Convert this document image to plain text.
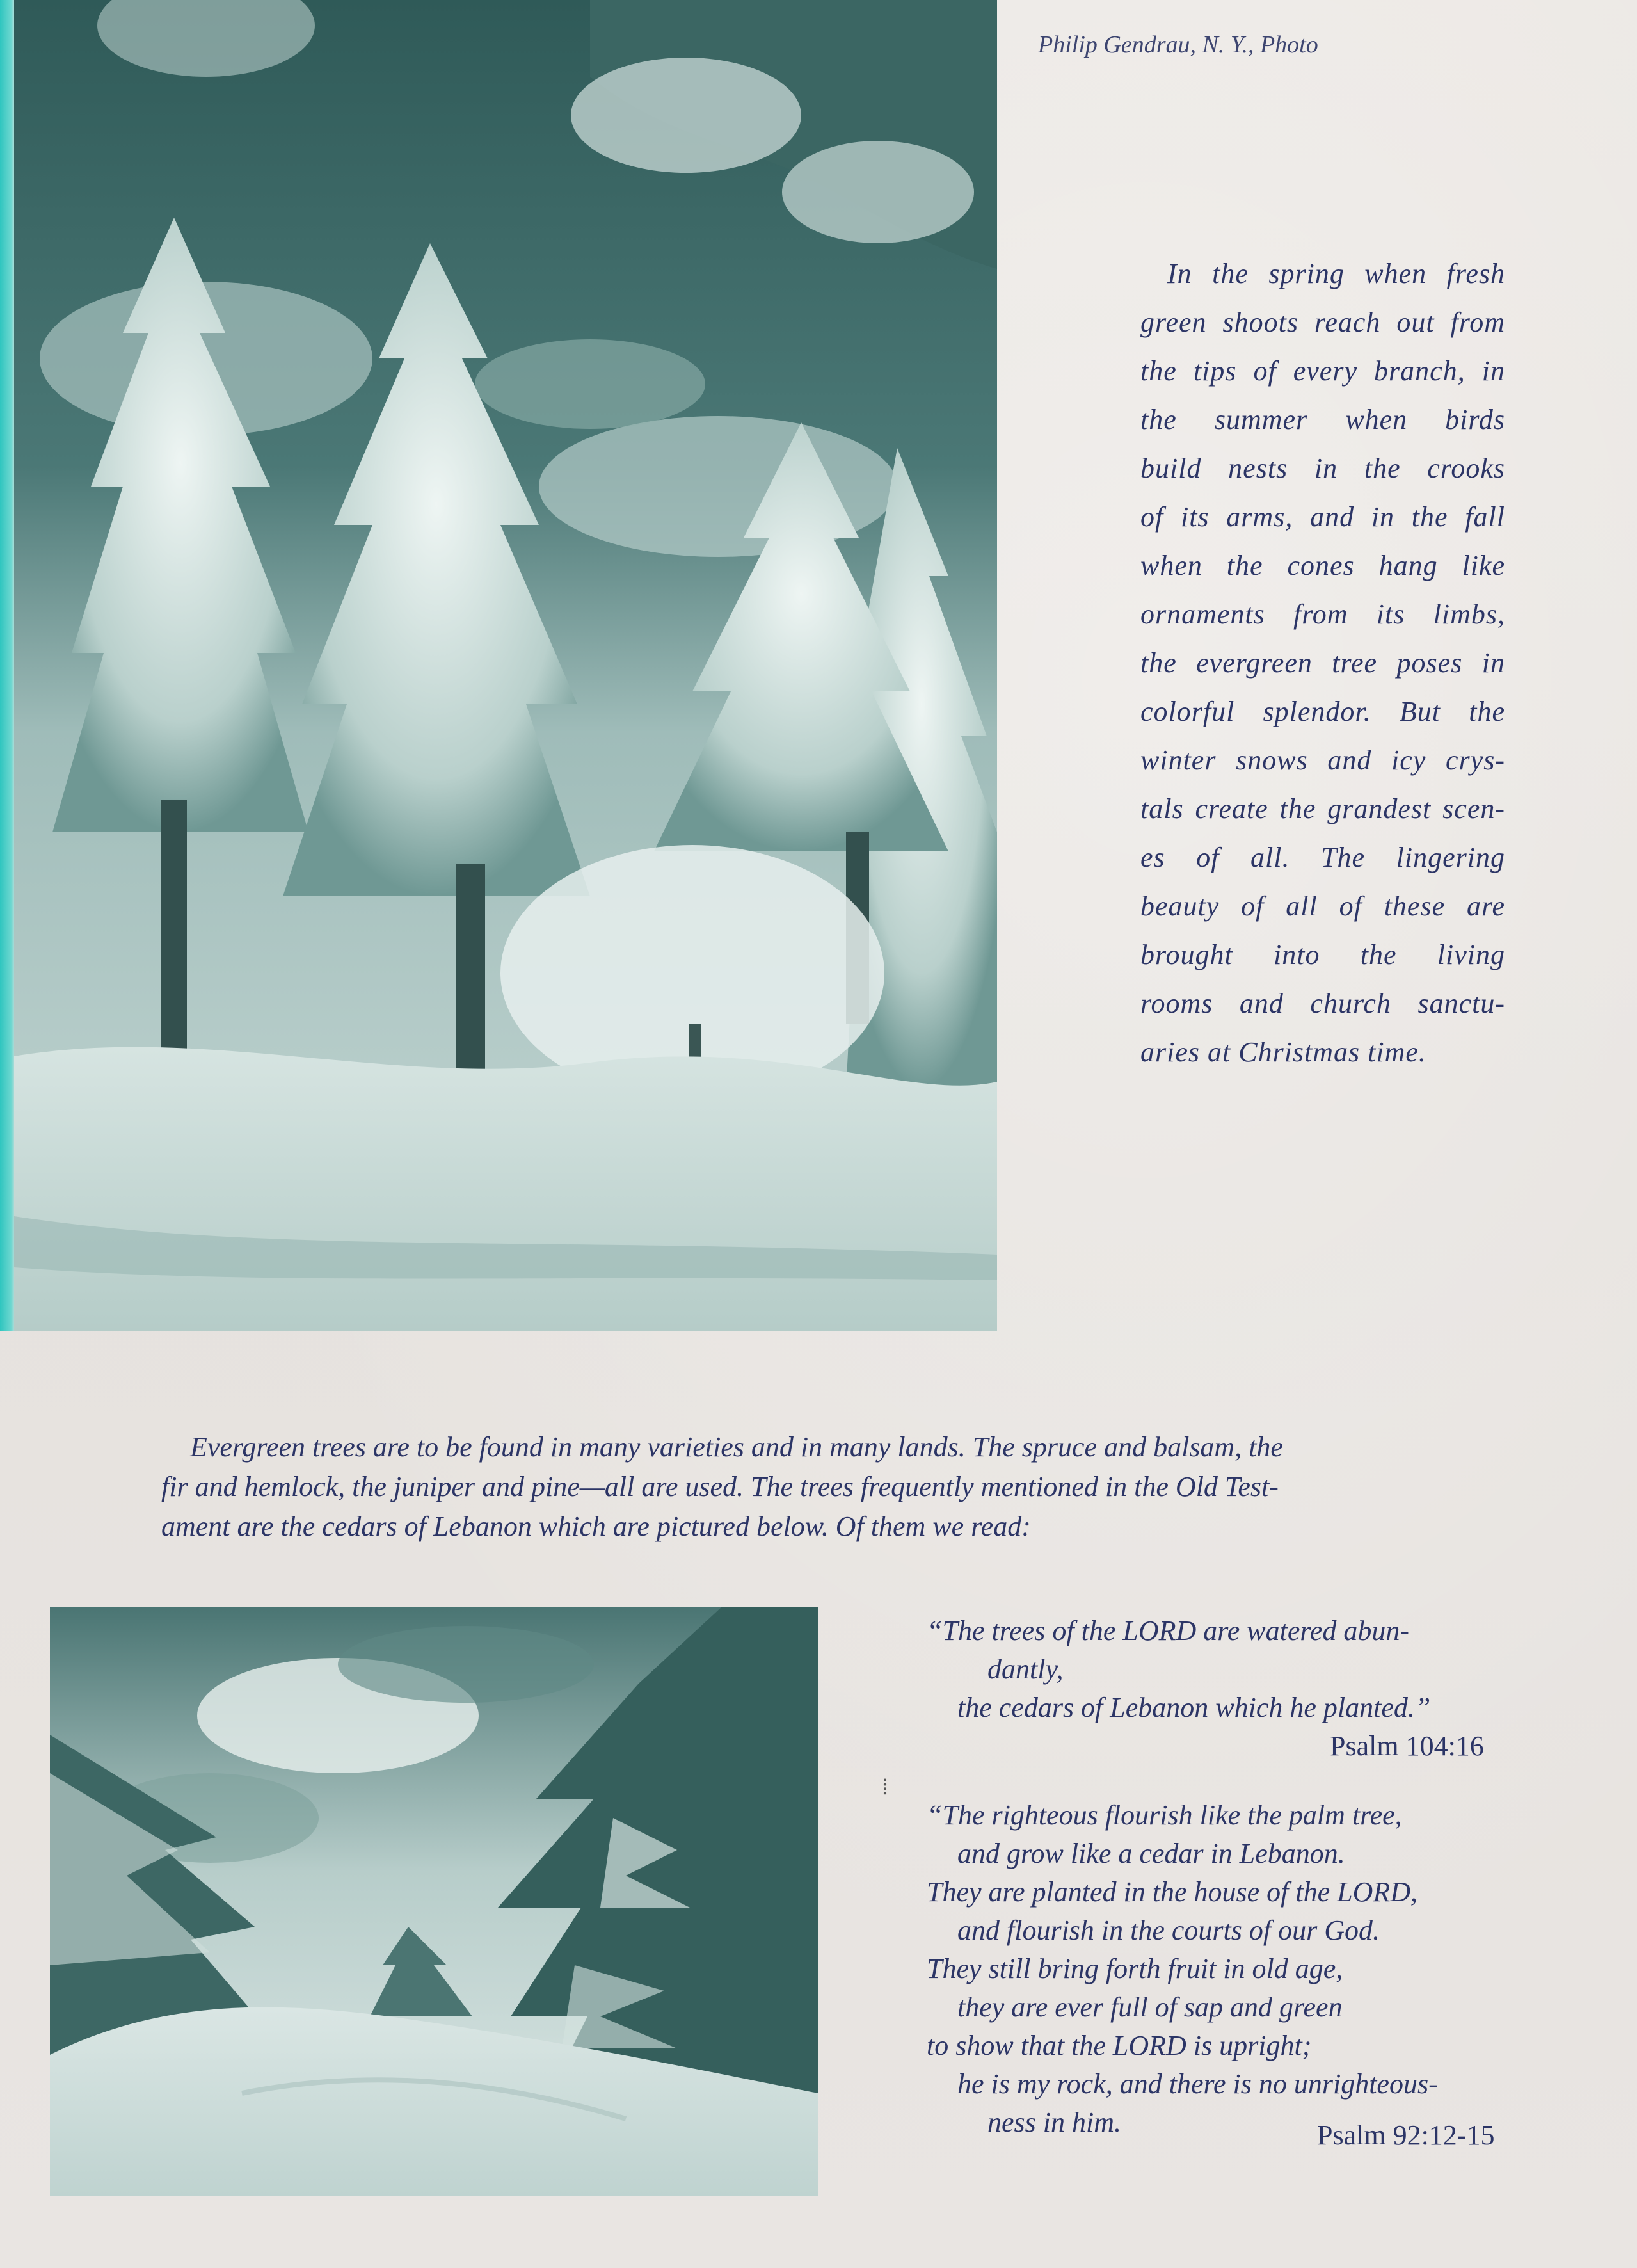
Philip Gendrau, N. Y., Photo
In the spring when fresh
green shoots reach out from
the tips of every branch, in
the summer when birds
build nests in the crooks
of its arms, and in the fall
when the cones hang like
ornaments from its limbs,
the evergreen tree poses in
colorful splendor. But the
winter snows and icy crys-
tals create the grandest scen-
es of all. The lingering
beauty of all of these are
brought into the living
rooms and church sanctu-
aries at Christmas time.
Evergreen trees are to be found in many varieties and in many lands. The spruce and balsam, the
fir and hemlock, the juniper and pine—all are used. The trees frequently mentioned in the Old Test-
ament are the cedars of Lebanon which are pictured below. Of them we read:
“The trees of the LORD are watered abun-
dantly,
the cedars of Lebanon which he planted.”
Psalm 104:16
⁞
“The righteous flourish like the palm tree,
and grow like a cedar in Lebanon.
They are planted in the house of the LORD,
and flourish in the courts of our God.
They still bring forth fruit in old age,
they are ever full of sap and green
to show that the LORD is upright;
he is my rock, and there is no unrighteous-
ness in him.	Psalm 92:12-15
